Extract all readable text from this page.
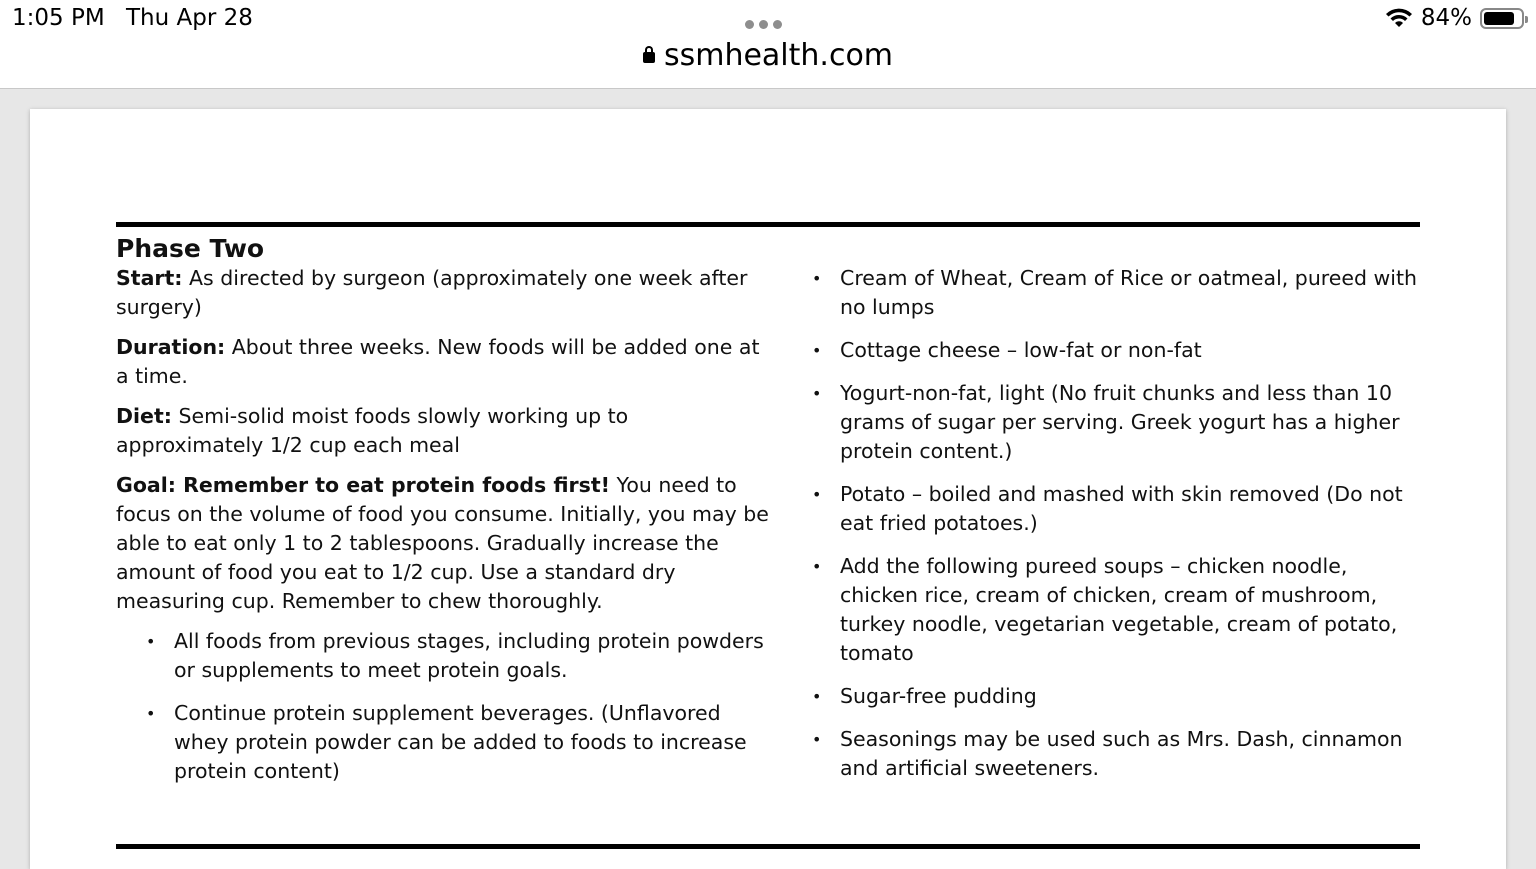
1:05 PM Thu Apr 28
ssmhealth.com
84%
Phase Two

Start: As directed by surgeon (approximately one week after surgery)

Duration: About three weeks. New foods will be added one at a time.

Diet: Semi-solid moist foods slowly working up to approximately 1/2 cup each meal

Goal: Remember to eat protein foods first! You need to focus on the volume of food you consume. Initially, you may be able to eat only 1 to 2 tablespoons. Gradually increase the amount of food you eat to 1/2 cup. Use a standard dry measuring cup. Remember to chew thoroughly.

• All foods from previous stages, including protein powders or supplements to meet protein goals.
• Continue protein supplement beverages. (Unflavored whey protein powder can be added to foods to increase protein content)
• Cream of Wheat, Cream of Rice or oatmeal, pureed with no lumps
• Cottage cheese – low-fat or non-fat
• Yogurt-non-fat, light (No fruit chunks and less than 10 grams of sugar per serving. Greek yogurt has a higher protein content.)
• Potato – boiled and mashed with skin removed (Do not eat fried potatoes.)
• Add the following pureed soups – chicken noodle, chicken rice, cream of chicken, cream of mushroom, turkey noodle, vegetarian vegetable, cream of potato, tomato
• Sugar-free pudding
• Seasonings may be used such as Mrs. Dash, cinnamon and artificial sweeteners.
